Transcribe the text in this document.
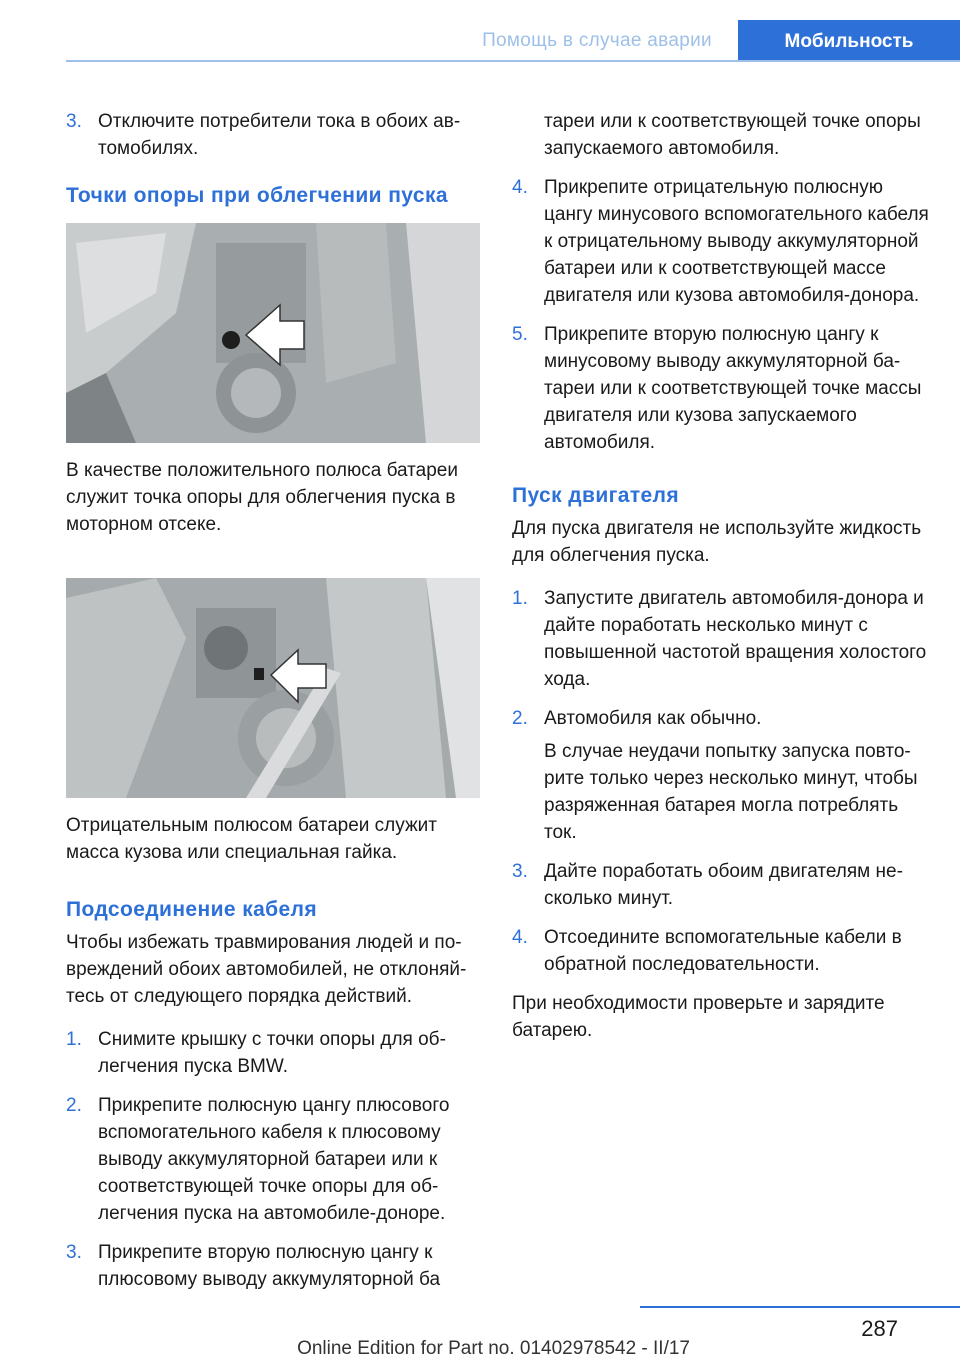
Помощь в случае аварии	Мобильность
3. Отключите потребители тока в обоих автомобилях.
Точки опоры при облегчении пуска

В качестве положительного полюса батареи служит точка опоры для облегчения пуска в моторном отсеке.

Отрицательным полюсом батареи служит масса кузова или специальная гайка.

Подсоединение кабеля

Чтобы избежать травмирования людей и повреждений обоих автомобилей, не отклоняйтесь от следующего порядка действий.

1. Снимите крышку с точки опоры для облегчения пуска BMW.
2. Прикрепите полюсную цангу плюсового вспомогательного кабеля к плюсовому выводу аккумуляторной батареи или к соответствующей точке опоры для облегчения пуска на автомобиле-доноре.
3. Прикрепите вторую полюсную цангу к плюсовому выводу аккумуляторной ба

тареи или к соответствующей точке опоры запускаемого автомобиля.

4. Прикрепите отрицательную полюсную цангу минусового вспомогательного кабеля к отрицательному выводу аккумуляторной батареи или к соответствующей массе двигателя или кузова автомобиля-донора.
5. Прикрепите вторую полюсную цангу к минусовому выводу аккумуляторной батареи или к соответствующей точке массы двигателя или кузова запускаемого автомобиля.
Пуск двигателя

Для пуска двигателя не используйте жидкость для облегчения пуска.

1. Запустите двигатель автомобиля-донора и дайте поработать несколько минут с повышенной частотой вращения холостого хода.
2. Автомобиля как обычно.

В случае неудачи попытку запуска повторите только через несколько минут, чтобы разряженная батарея могла потреблять ток.

3. Дайте поработать обоим двигателям несколько минут.
4. Отсоедините вспомогательные кабели в обратной последовательности.

При необходимости проверьте и зарядите батарею.

287
Online Edition for Part no. 01402978542 - II/17
